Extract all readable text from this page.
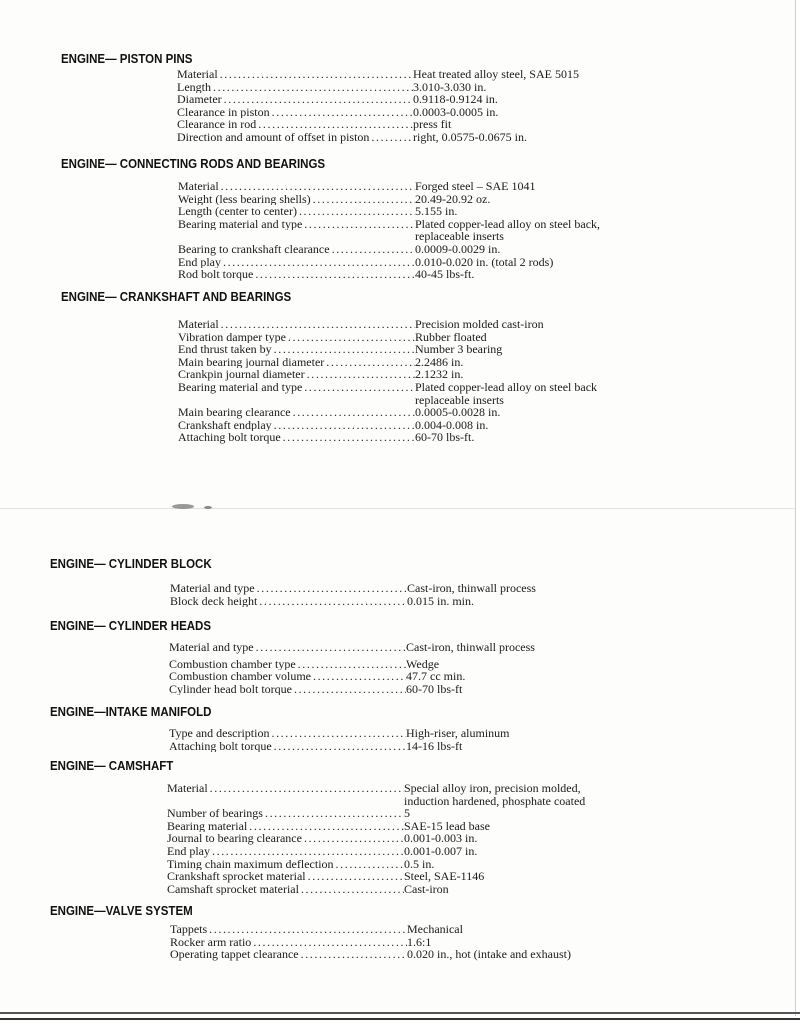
ENGINE— PISTON PINS
Material .....	Heat treated alloy steel, SAE 5015
Length .....	3.010-3.030 in.
Diameter .....	0.9118-0.9124 in.
Clearance in piston .....	0.0003-0.0005 in.
Clearance in rod .....	press fit
Direction and amount of offset in piston .....	right, 0.0575-0.0675 in.
ENGINE— CONNECTING RODS AND BEARINGS
Material .....	Forged steel – SAE 1041
Weight (less bearing shells) .....	20.49-20.92 oz.
Length (center to center) .....	5.155 in.
Bearing material and type .....	Plated copper-lead alloy on steel back,
replaceable inserts
Bearing to crankshaft clearance .....	0.0009-0.0029 in.
End play .....	0.010-0.020 in. (total 2 rods)
Rod bolt torque .....	40-45 lbs-ft.
ENGINE— CRANKSHAFT AND BEARINGS
Material .....	Precision molded cast-iron
Vibration damper type .....	Rubber floated
End thrust taken by .....	Number 3 bearing
Main bearing journal diameter .....	2.2486 in.
Crankpin journal diameter .....	2.1232 in.
Bearing material and type .....	Plated copper-lead alloy on steel back
replaceable inserts
Main bearing clearance .....	0.0005-0.0028 in.
Crankshaft endplay .....	0.004-0.008 in.
Attaching bolt torque .....	60-70 lbs-ft.
ENGINE— CYLINDER BLOCK
Material and type .....	Cast-iron, thinwall process
Block deck height .....	0.015 in. min.
ENGINE— CYLINDER HEADS
Material and type .....	Cast-iron, thinwall process
Combustion chamber type .....	Wedge
Combustion chamber volume .....	47.7 cc min.
Cylinder head bolt torque .....	60-70 lbs-ft
ENGINE—INTAKE MANIFOLD
Type and description .....	High-riser, aluminum
Attaching bolt torque .....	14-16 lbs-ft
ENGINE— CAMSHAFT
Material .....	Special alloy iron, precision molded,
induction hardened, phosphate coated
Number of bearings .....	5
Bearing material .....	SAE-15 lead base
Journal to bearing clearance .....	0.001-0.003 in.
End play .....	0.001-0.007 in.
Timing chain maximum deflection .....	0.5 in.
Crankshaft sprocket material .....	Steel, SAE-1146
Camshaft sprocket material .....	Cast-iron
ENGINE—VALVE SYSTEM
Tappets .....	Mechanical
Rocker arm ratio .....	1.6:1
Operating tappet clearance .....	0.020 in., hot (intake and exhaust)
